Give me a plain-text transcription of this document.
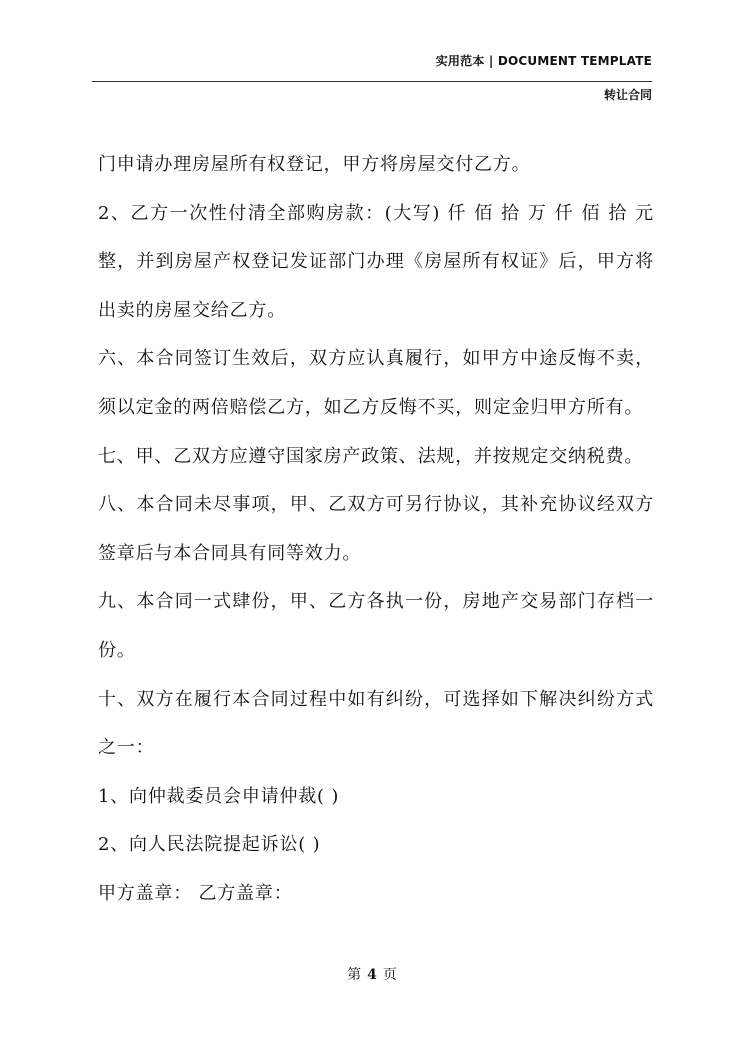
实用范本 | DOCUMENT TEMPLATE
转让合同

门申请办理房屋所有权登记，甲方将房屋交付乙方。

2、乙方一次性付清全部购房款：(大写) 仟 佰 拾 万 仟 佰 拾 元整，并到房屋产权登记发证部门办理《房屋所有权证》后，甲方将出卖的房屋交给乙方。

六、本合同签订生效后，双方应认真履行，如甲方中途反悔不卖，须以定金的两倍赔偿乙方，如乙方反悔不买，则定金归甲方所有。

七、甲、乙双方应遵守国家房产政策、法规，并按规定交纳税费。

八、本合同未尽事项，甲、乙双方可另行协议，其补充协议经双方签章后与本合同具有同等效力。

九、本合同一式肆份，甲、乙方各执一份，房地产交易部门存档一份。

十、双方在履行本合同过程中如有纠纷，可选择如下解决纠纷方式之一：

1、向仲裁委员会申请仲裁( )

2、向人民法院提起诉讼( )

甲方盖章： 乙方盖章：

第 4 页
